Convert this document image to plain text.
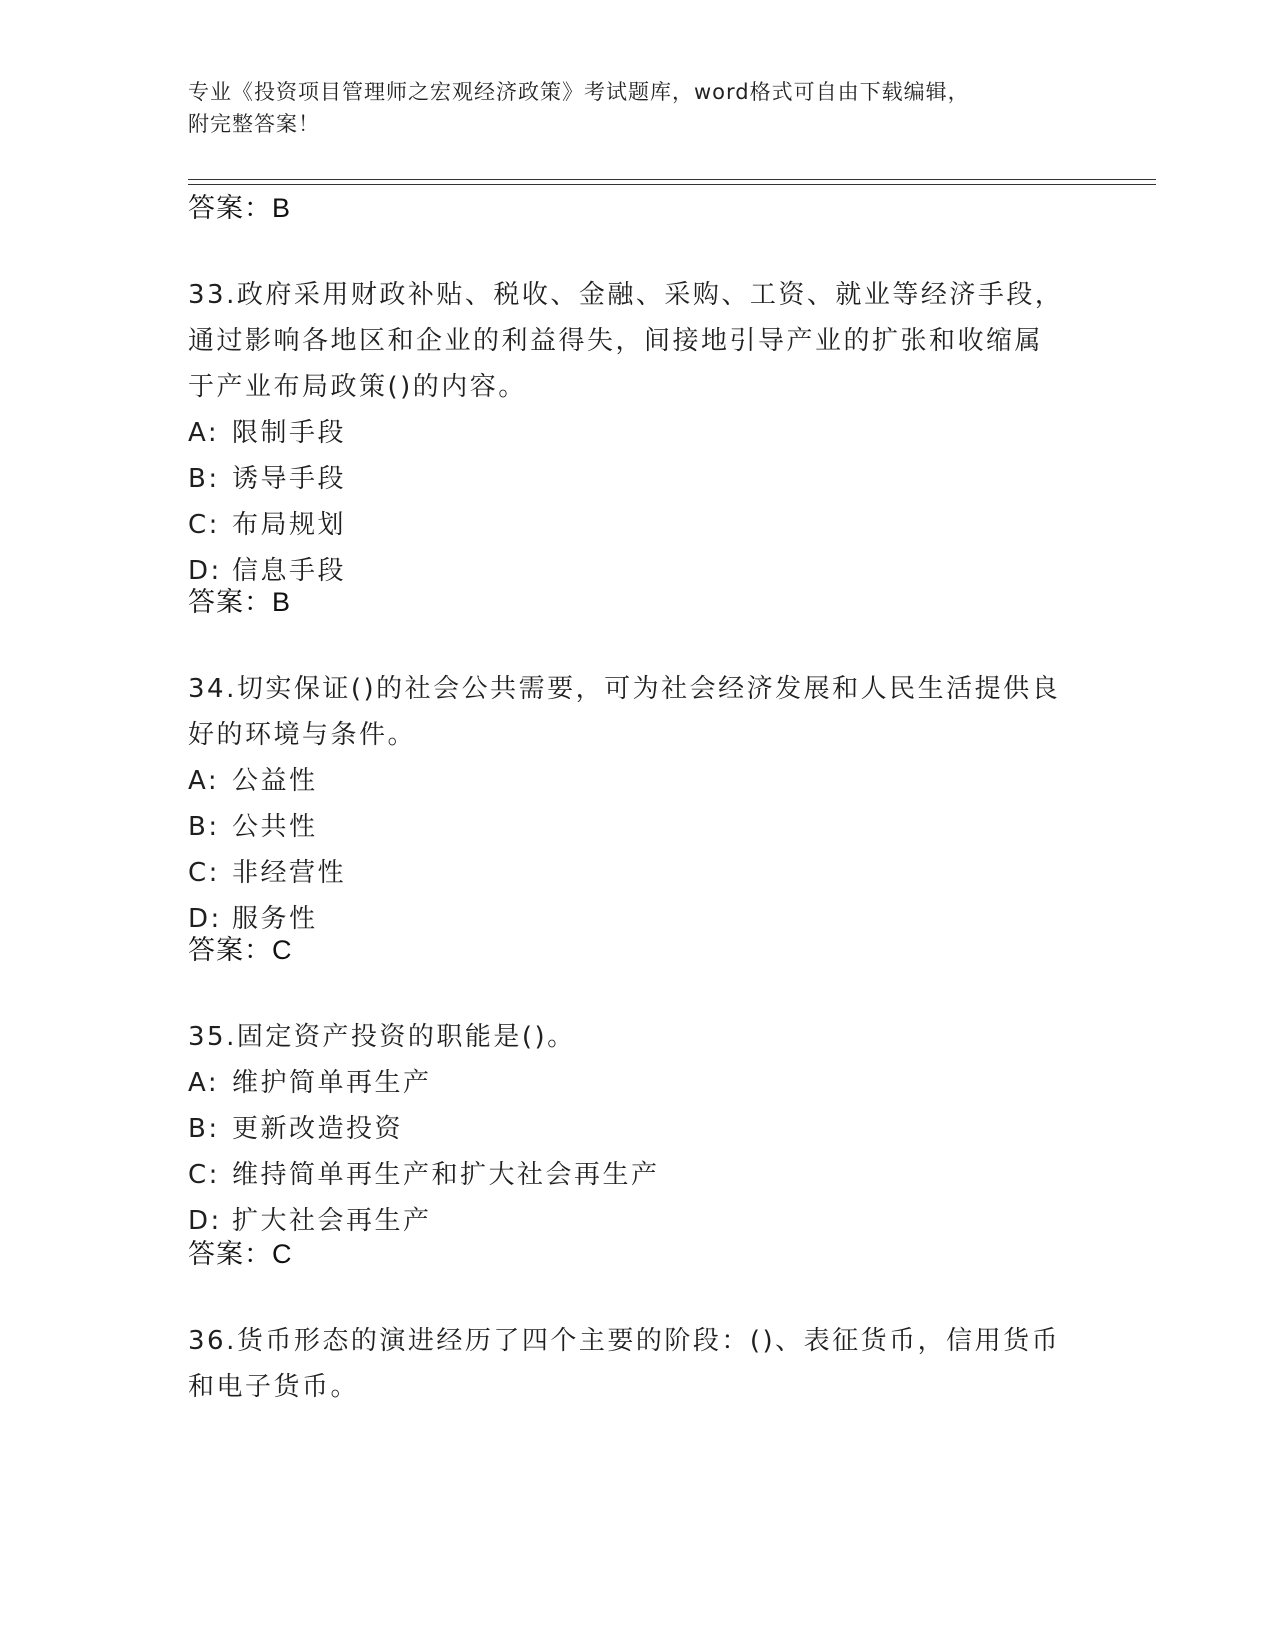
专业《投资项目管理师之宏观经济政策》考试题库，word格式可自由下载编辑，
附完整答案！
答案：B
33.政府采用财政补贴、税收、金融、采购、工资、就业等经济手段，
通过影响各地区和企业的利益得失，间接地引导产业的扩张和收缩属
于产业布局政策()的内容。
A: 限制手段
B: 诱导手段
C: 布局规划
D: 信息手段
答案：B
34.切实保证()的社会公共需要，可为社会经济发展和人民生活提供良
好的环境与条件。
A: 公益性
B: 公共性
C: 非经营性
D: 服务性
答案：C
35.固定资产投资的职能是()。
A: 维护简单再生产
B: 更新改造投资
C: 维持简单再生产和扩大社会再生产
D: 扩大社会再生产
答案：C
36.货币形态的演进经历了四个主要的阶段：()、表征货币，信用货币
和电子货币。
